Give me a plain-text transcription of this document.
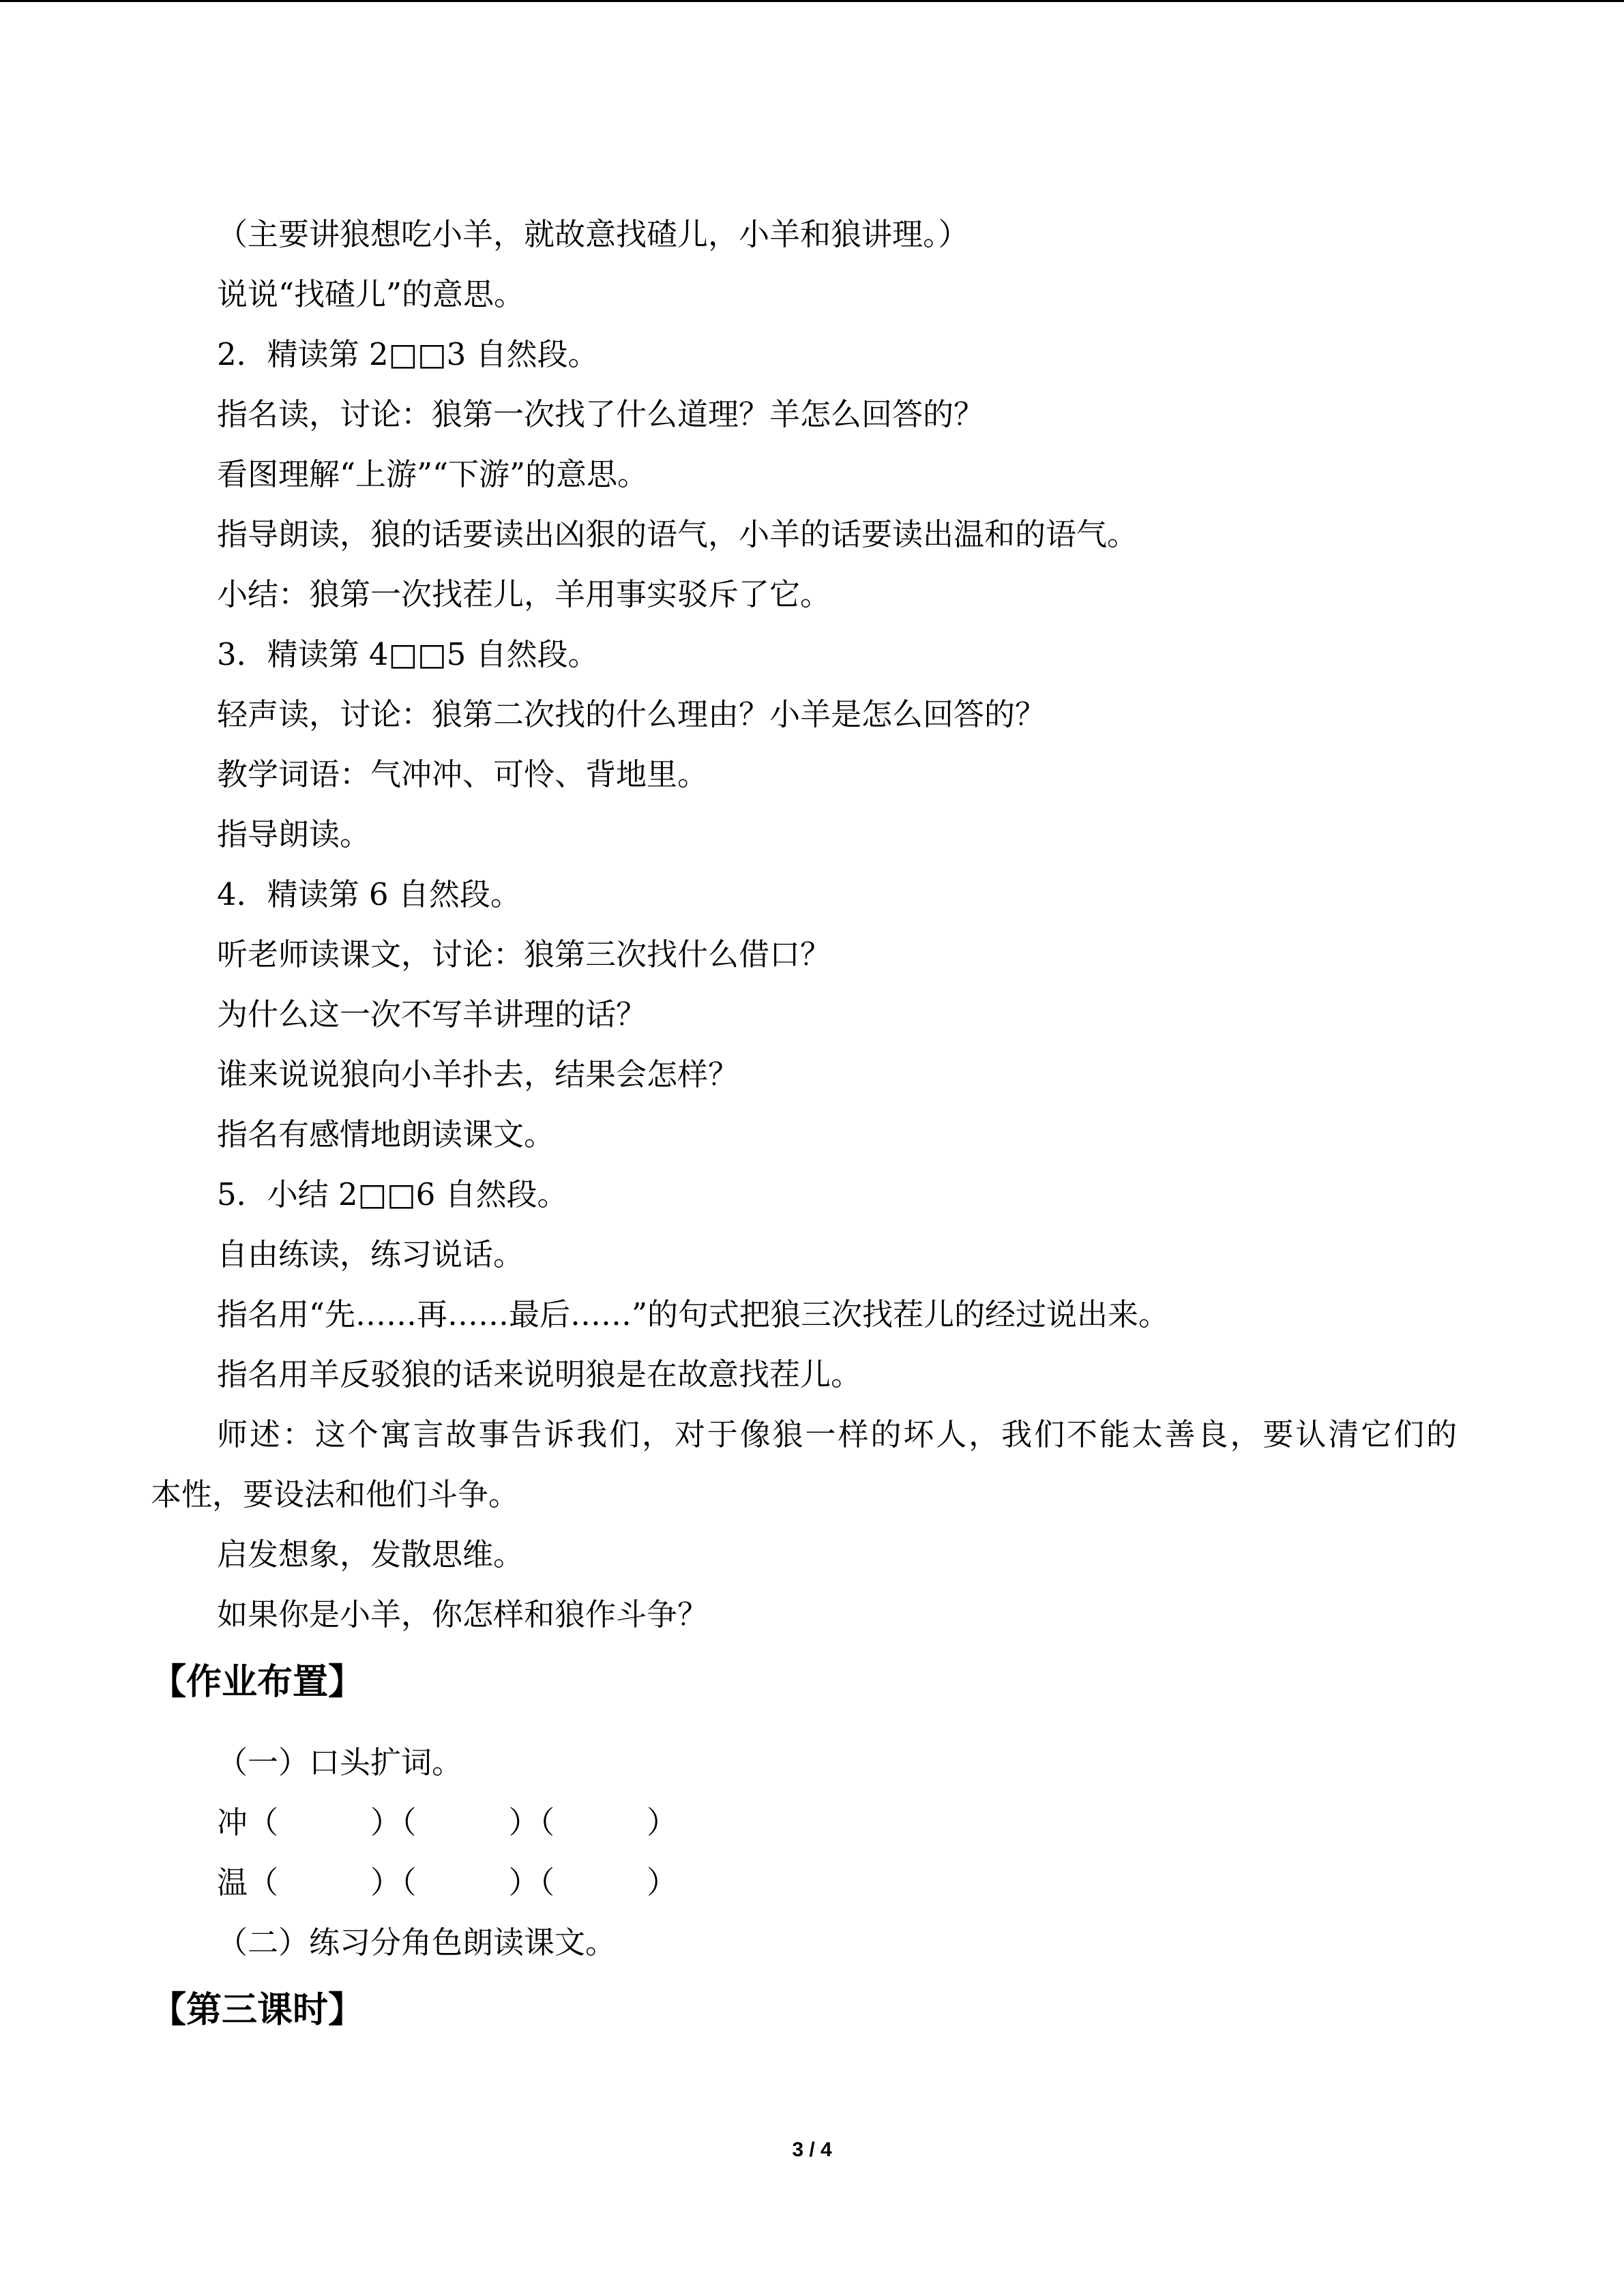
（主要讲狼想吃小羊，就故意找碴儿，小羊和狼讲理。）
说说“找碴儿”的意思。
2．精读第 2□□3 自然段。
指名读，讨论：狼第一次找了什么道理？羊怎么回答的？
看图理解“上游”“下游”的意思。
指导朗读，狼的话要读出凶狠的语气，小羊的话要读出温和的语气。
小结：狼第一次找茬儿，羊用事实驳斥了它。
3．精读第 4□□5 自然段。
轻声读，讨论：狼第二次找的什么理由？小羊是怎么回答的？
教学词语：气冲冲、可怜、背地里。
指导朗读。
4．精读第 6 自然段。
听老师读课文，讨论：狼第三次找什么借口？
为什么这一次不写羊讲理的话？
谁来说说狼向小羊扑去，结果会怎样？
指名有感情地朗读课文。
5．小结 2□□6 自然段。
自由练读，练习说话。
指名用“先……再……最后……”的句式把狼三次找茬儿的经过说出来。
指名用羊反驳狼的话来说明狼是在故意找茬儿。
师述：这个寓言故事告诉我们，对于像狼一样的坏人，我们不能太善良，要认清它们的
本性，要设法和他们斗争。
启发想象，发散思维。
如果你是小羊，你怎样和狼作斗争？
【作业布置】
（一）口头扩词。
冲（　　　）（　　　）（　　　）
温（　　　）（　　　）（　　　）
（二）练习分角色朗读课文。
【第三课时】
3 / 4
